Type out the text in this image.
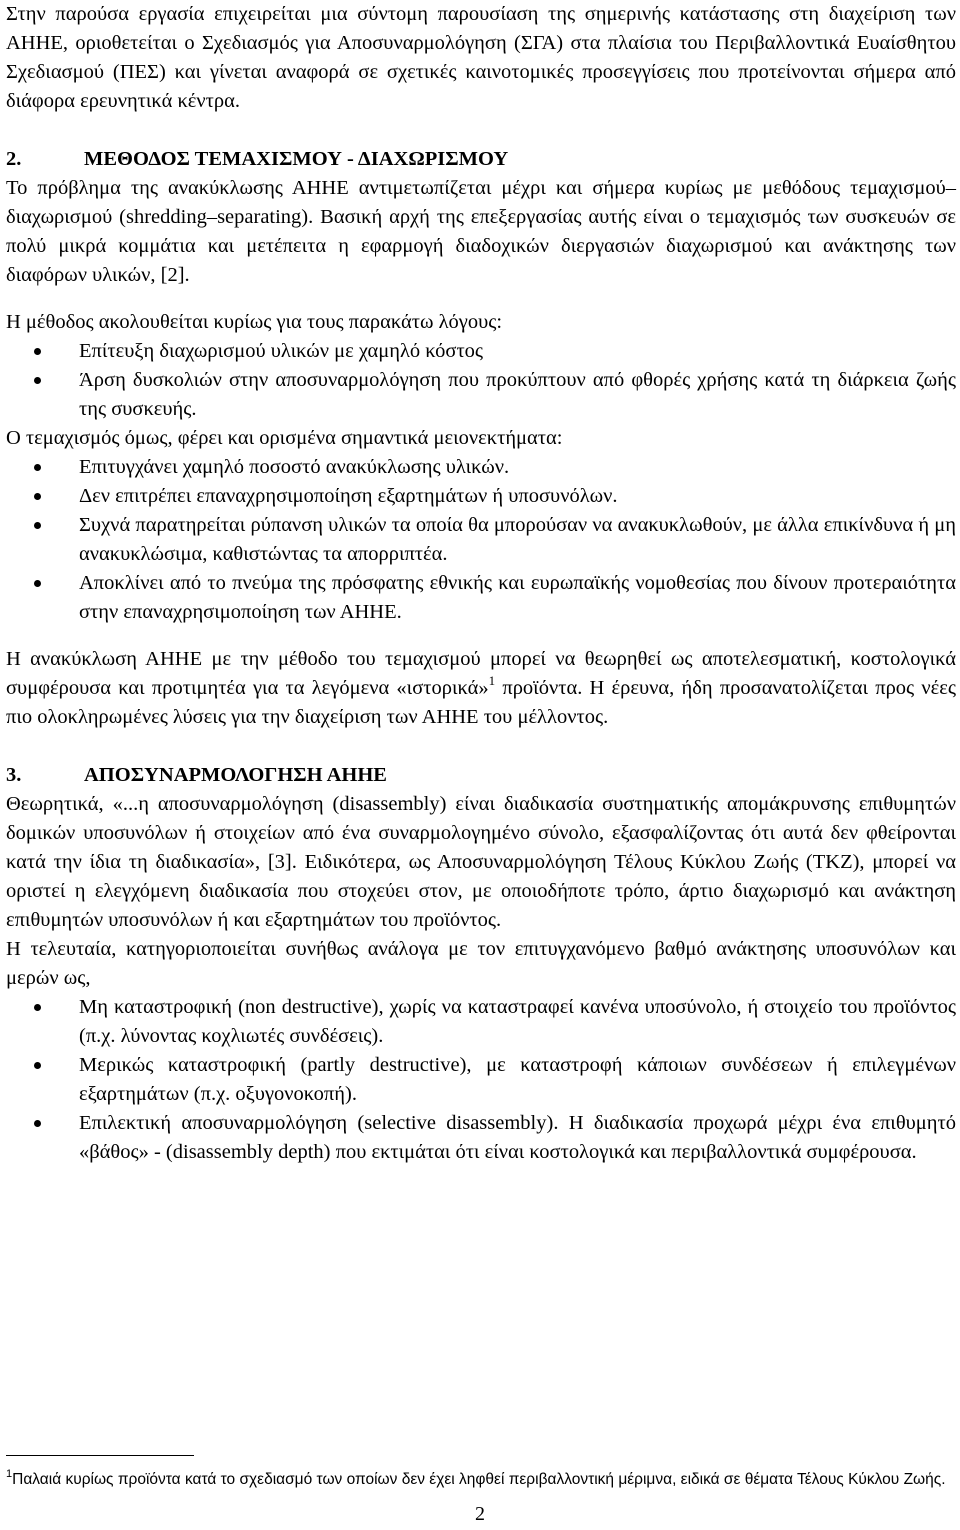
Στην παρούσα εργασία επιχειρείται μια σύντομη παρουσίαση της σημερινής κατάστασης στη διαχείριση των ΑΗΗΕ, οριοθετείται ο Σχεδιασμός για Αποσυναρμολόγηση (ΣΓΑ) στα πλαίσια του Περιβαλλοντικά Ευαίσθητου Σχεδιασμού (ΠΕΣ) και γίνεται αναφορά σε σχετικές καινοτομικές προσεγγίσεις που προτείνονται σήμερα από διάφορα ερευνητικά κέντρα.

2.	ΜΕΘΟΔΟΣ ΤΕΜΑΧΙΣΜΟΥ - ΔΙΑΧΩΡΙΣΜΟΥ

Το πρόβλημα της ανακύκλωσης ΑΗΗΕ αντιμετωπίζεται μέχρι και σήμερα κυρίως με μεθόδους τεμαχισμού–διαχωρισμού (shredding–separating). Βασική αρχή της επεξεργασίας αυτής είναι ο τεμαχισμός των συσκευών σε πολύ μικρά κομμάτια και μετέπειτα η εφαρμογή διαδοχικών διεργασιών διαχωρισμού και ανάκτησης των διαφόρων υλικών, [2].

Η μέθοδος ακολουθείται κυρίως για τους παρακάτω λόγους:

Επίτευξη διαχωρισμού υλικών με χαμηλό κόστος
Άρση δυσκολιών στην αποσυναρμολόγηση που προκύπτουν από φθορές χρήσης κατά τη διάρκεια ζωής της συσκευής.

Ο τεμαχισμός όμως, φέρει και ορισμένα σημαντικά μειονεκτήματα:

Επιτυγχάνει χαμηλό ποσοστό ανακύκλωσης υλικών.
Δεν επιτρέπει επαναχρησιμοποίηση εξαρτημάτων ή υποσυνόλων.
Συχνά παρατηρείται ρύπανση υλικών τα οποία θα μπορούσαν να ανακυκλωθούν, με άλλα επικίνδυνα ή μη ανακυκλώσιμα, καθιστώντας τα απορριπτέα.
Αποκλίνει από το πνεύμα της πρόσφατης εθνικής και ευρωπαϊκής νομοθεσίας που δίνουν προτεραιότητα στην επαναχρησιμοποίηση των ΑΗΗΕ.

Η ανακύκλωση ΑΗΗΕ με την μέθοδο του τεμαχισμού μπορεί να θεωρηθεί ως αποτελεσματική, κοστολογικά συμφέρουσα και προτιμητέα για τα λεγόμενα «ιστορικά»$^1$ προϊόντα. Η έρευνα, ήδη προσανατολίζεται προς νέες πιο ολοκληρωμένες λύσεις για την διαχείριση των ΑΗΗΕ του μέλλοντος.

3.	ΑΠΟΣΥΝΑΡΜΟΛΟΓΗΣΗ ΑΗΗΕ

Θεωρητικά, «...η αποσυναρμολόγηση (disassembly) είναι διαδικασία συστηματικής απομάκρυνσης επιθυμητών δομικών υποσυνόλων ή στοιχείων από ένα συναρμολογημένο σύνολο, εξασφαλίζοντας ότι αυτά δεν φθείρονται κατά την ίδια τη διαδικασία», [3]. Ειδικότερα, ως Αποσυναρμολόγηση Τέλους Κύκλου Ζωής (ΤΚΖ), μπορεί να οριστεί η ελεγχόμενη διαδικασία που στοχεύει στον, με οποιοδήποτε τρόπο, άρτιο διαχωρισμό και ανάκτηση επιθυμητών υποσυνόλων ή και εξαρτημάτων του προϊόντος.

Η τελευταία, κατηγοριοποιείται συνήθως ανάλογα με τον επιτυγχανόμενο βαθμό ανάκτησης υποσυνόλων και μερών ως,

Μη καταστροφική (non destructive), χωρίς να καταστραφεί κανένα υποσύνολο, ή στοιχείο του προϊόντος (π.χ. λύνοντας κοχλιωτές συνδέσεις).
Μερικώς καταστροφική (partly destructive), με καταστροφή κάποιων συνδέσεων ή επιλεγμένων εξαρτημάτων (π.χ. οξυγονοκοπή).
Επιλεκτική αποσυναρμολόγηση (selective disassembly). Η διαδικασία προχωρά μέχρι ένα επιθυμητό «βάθος» - (disassembly depth) που εκτιμάται ότι είναι κοστολογικά και περιβαλλοντικά συμφέρουσα.
$^1$Παλαιά κυρίως προϊόντα κατά το σχεδιασμό των οποίων δεν έχει ληφθεί περιβαλλοντική μέριμνα, ειδικά σε θέματα Τέλους Κύκλου Ζωής.
2
